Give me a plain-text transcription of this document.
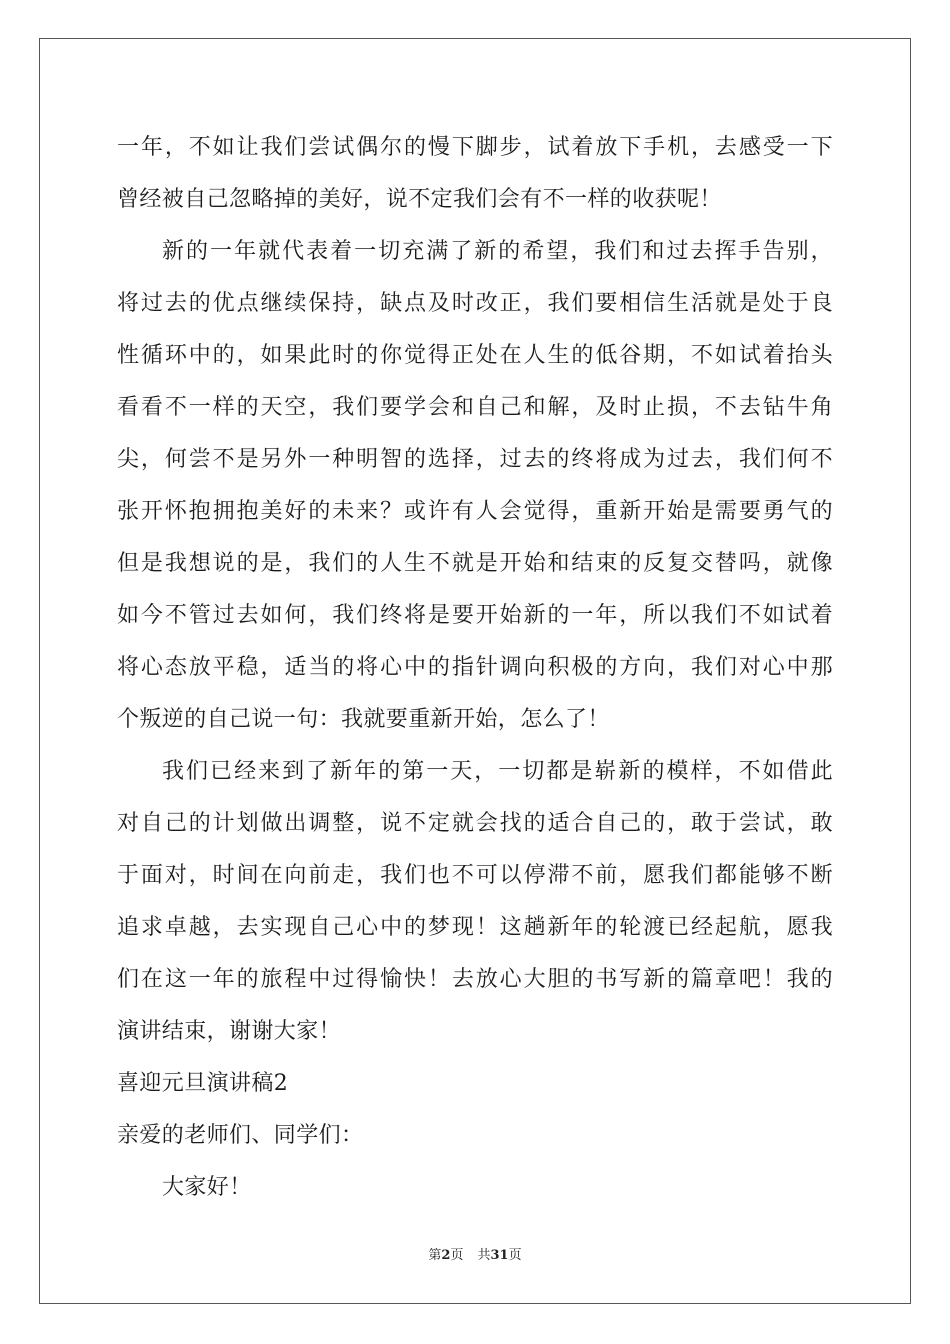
一年，不如让我们尝试偶尔的慢下脚步，试着放下手机，去感受一下
曾经被自己忽略掉的美好，说不定我们会有不一样的收获呢！
新的一年就代表着一切充满了新的希望，我们和过去挥手告别，
将过去的优点继续保持，缺点及时改正，我们要相信生活就是处于良
性循环中的，如果此时的你觉得正处在人生的低谷期，不如试着抬头
看看不一样的天空，我们要学会和自己和解，及时止损，不去钻牛角
尖，何尝不是另外一种明智的选择，过去的终将成为过去，我们何不
张开怀抱拥抱美好的未来？或许有人会觉得，重新开始是需要勇气的
但是我想说的是，我们的人生不就是开始和结束的反复交替吗，就像
如今不管过去如何，我们终将是要开始新的一年，所以我们不如试着
将心态放平稳，适当的将心中的指针调向积极的方向，我们对心中那
个叛逆的自己说一句：我就要重新开始，怎么了！
我们已经来到了新年的第一天，一切都是崭新的模样，不如借此
对自己的计划做出调整，说不定就会找的适合自己的，敢于尝试，敢
于面对，时间在向前走，我们也不可以停滞不前，愿我们都能够不断
追求卓越，去实现自己心中的梦现！这趟新年的轮渡已经起航，愿我
们在这一年的旅程中过得愉快！去放心大胆的书写新的篇章吧！我的
演讲结束，谢谢大家！
喜迎元旦演讲稿2
亲爱的老师们、同学们：
大家好！
第2页 共31页
